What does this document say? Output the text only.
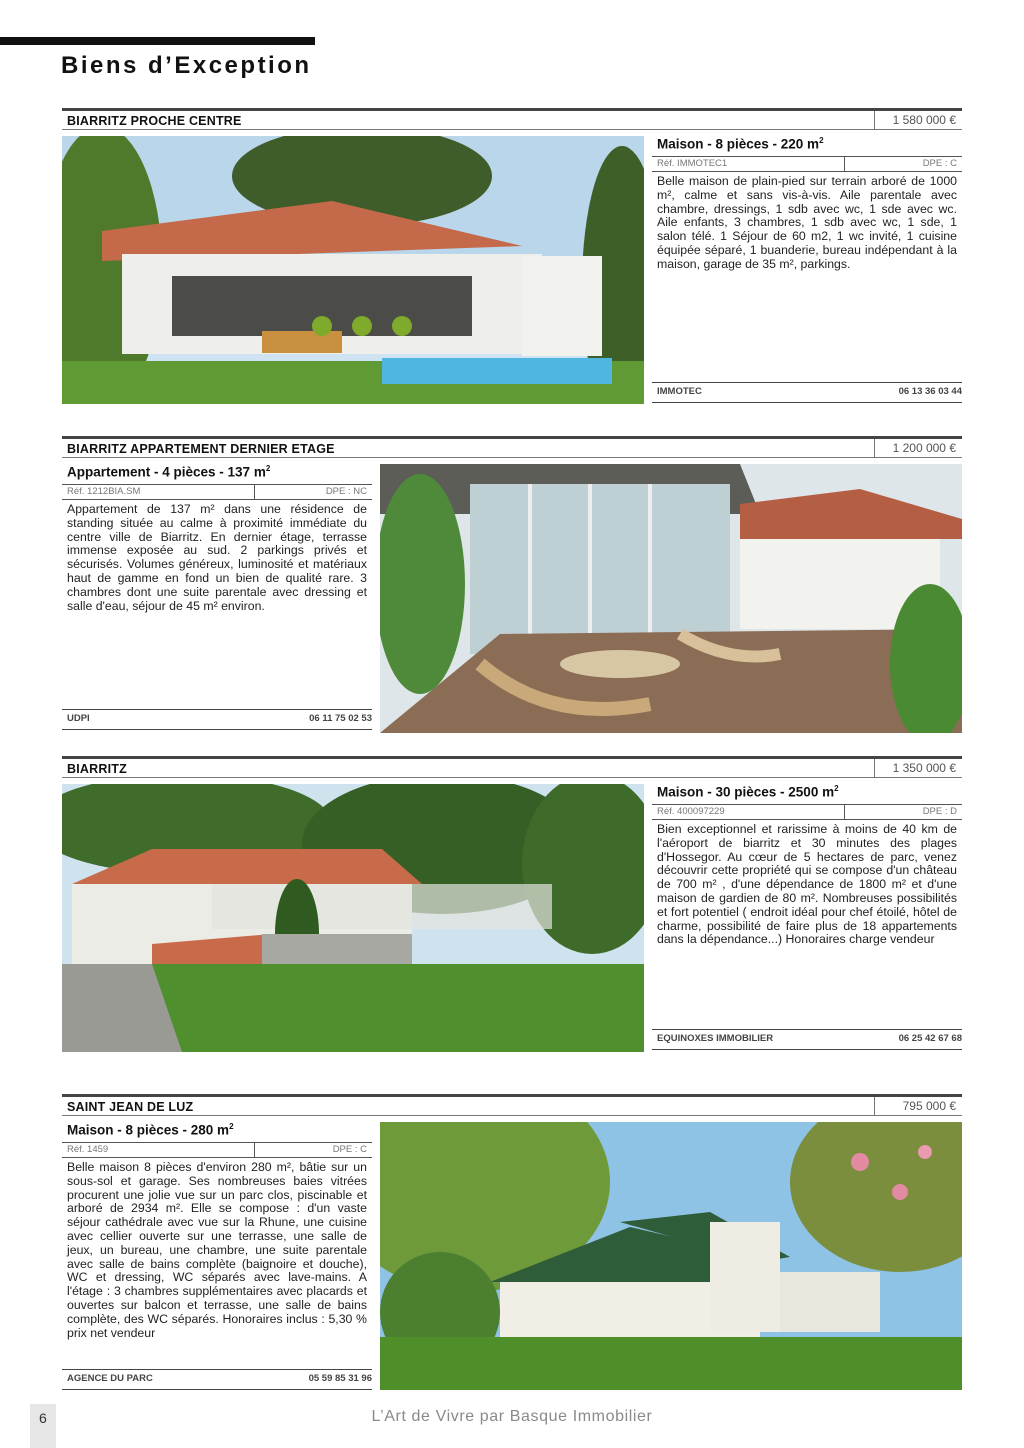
Biens d’Exception
BIARRITZ PROCHE CENTRE	1 580 000 €
Maison - 8 pièces - 220 $m^2$
Réf. IMMOTEC1	DPE : C

Belle maison de plain-pied sur terrain arboré de 1000 m², calme et sans vis-à-vis. Aile parentale avec chambre, dressings, 1 sdb avec wc, 1 sde avec wc. Aile enfants, 3 chambres, 1 sdb avec wc, 1 sde, 1 salon télé. 1 Séjour de 60 m2, 1 wc invité, 1 cuisine équipée séparé, 1 buanderie, bureau indépendant à la maison, garage de 35 m², parkings.

IMMOTEC	06 13 36 03 44
BIARRITZ APPARTEMENT DERNIER ETAGE	1 200 000 €
Appartement - 4 pièces - 137 $m^2$
Réf. 1212BIA.SM	DPE : NC

Appartement de 137 m² dans une résidence de standing située au calme à proximité immédiate du centre ville de Biarritz. En dernier étage, terrasse immense exposée au sud. 2 parkings privés et sécurisés. Volumes généreux, luminosité et matériaux haut de gamme en fond un bien de qualité rare. 3 chambres dont une suite parentale avec dressing et salle d'eau, séjour de 45 m² environ.

UDPI	06 11 75 02 53
BIARRITZ	1 350 000 €
Maison - 30 pièces - 2500 $m^2$
Réf. 400097229	DPE : D

Bien exceptionnel et rarissime à moins de 40 km de l'aéroport de biarritz et 30 minutes des plages d'Hossegor. Au cœur de 5 hectares de parc, venez découvrir cette propriété qui se compose d'un château de 700 m² , d'une dépendance de 1800 m² et d'une maison de gardien de 80 m². Nombreuses possibilités et fort potentiel ( endroit idéal pour chef étoilé, hôtel de charme, possibilité de faire plus de 18 appartements dans la dépendance...) Honoraires charge vendeur

EQUINOXES IMMOBILIER	06 25 42 67 68
SAINT JEAN DE LUZ	795 000 €
Maison - 8 pièces - 280 $m^2$
Réf. 1459	DPE : C

Belle maison 8 pièces d'environ 280 m², bâtie sur un sous-sol et garage. Ses nombreuses baies vitrées procurent une jolie vue sur un parc clos, piscinable et arboré de 2934 m². Elle se compose : d'un vaste séjour cathédrale avec vue sur la Rhune, une cuisine avec cellier ouverte sur une terrasse, une salle de jeux, un bureau, une chambre, une suite parentale avec salle de bains complète (baignoire et douche), WC et dressing, WC séparés avec lave-mains. A l'étage : 3 chambres supplémentaires avec placards et ouvertes sur balcon et terrasse, une salle de bains complète, des WC séparés. Honoraires inclus : 5,30 % prix net vendeur

AGENCE DU PARC	05 59 85 31 96
6	L’Art de Vivre par Basque Immobilier
